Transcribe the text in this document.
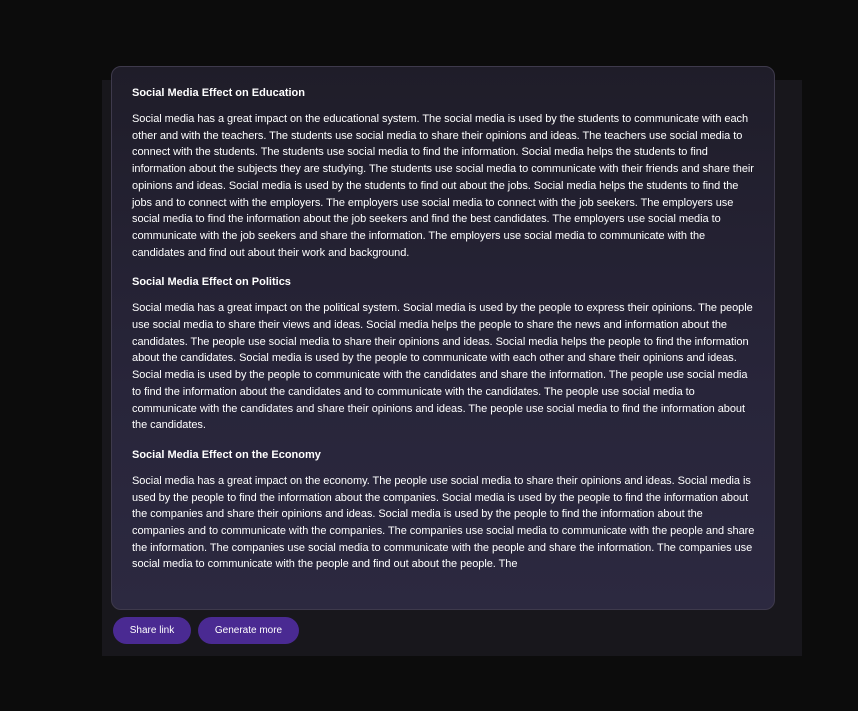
Social Media Effect on Education

Social media has a great impact on the educational system. The social media is used by the students to communicate with each other and with the teachers. The students use social media to share their opinions and ideas. The teachers use social media to connect with the students. The students use social media to find the information. Social media helps the students to find information about the subjects they are studying. The students use social media to communicate with their friends and share their opinions and ideas. Social media is used by the students to find out about the jobs. Social media helps the students to find the jobs and to connect with the employers. The employers use social media to connect with the job seekers. The employers use social media to find the information about the job seekers and find the best candidates. The employers use social media to communicate with the job seekers and share the information. The employers use social media to communicate with the candidates and find out about their work and background.

Social Media Effect on Politics

Social media has a great impact on the political system. Social media is used by the people to express their opinions. The people use social media to share their views and ideas. Social media helps the people to share the news and information about the candidates. The people use social media to share their opinions and ideas. Social media helps the people to find the information about the candidates. Social media is used by the people to communicate with each other and share their opinions and ideas. Social media is used by the people to communicate with the candidates and share the information. The people use social media to find the information about the candidates and to communicate with the candidates. The people use social media to communicate with the candidates and share their opinions and ideas. The people use social media to find the information about the candidates.

Social Media Effect on the Economy

Social media has a great impact on the economy. The people use social media to share their opinions and ideas. Social media is used by the people to find the information about the companies. Social media is used by the people to find the information about the companies and share their opinions and ideas. Social media is used by the people to find the information about the companies and to communicate with the companies. The companies use social media to communicate with the people and share the information. The companies use social media to communicate with the people and share the information. The companies use social media to communicate with the people and find out about the people. The

Share link	Generate more
